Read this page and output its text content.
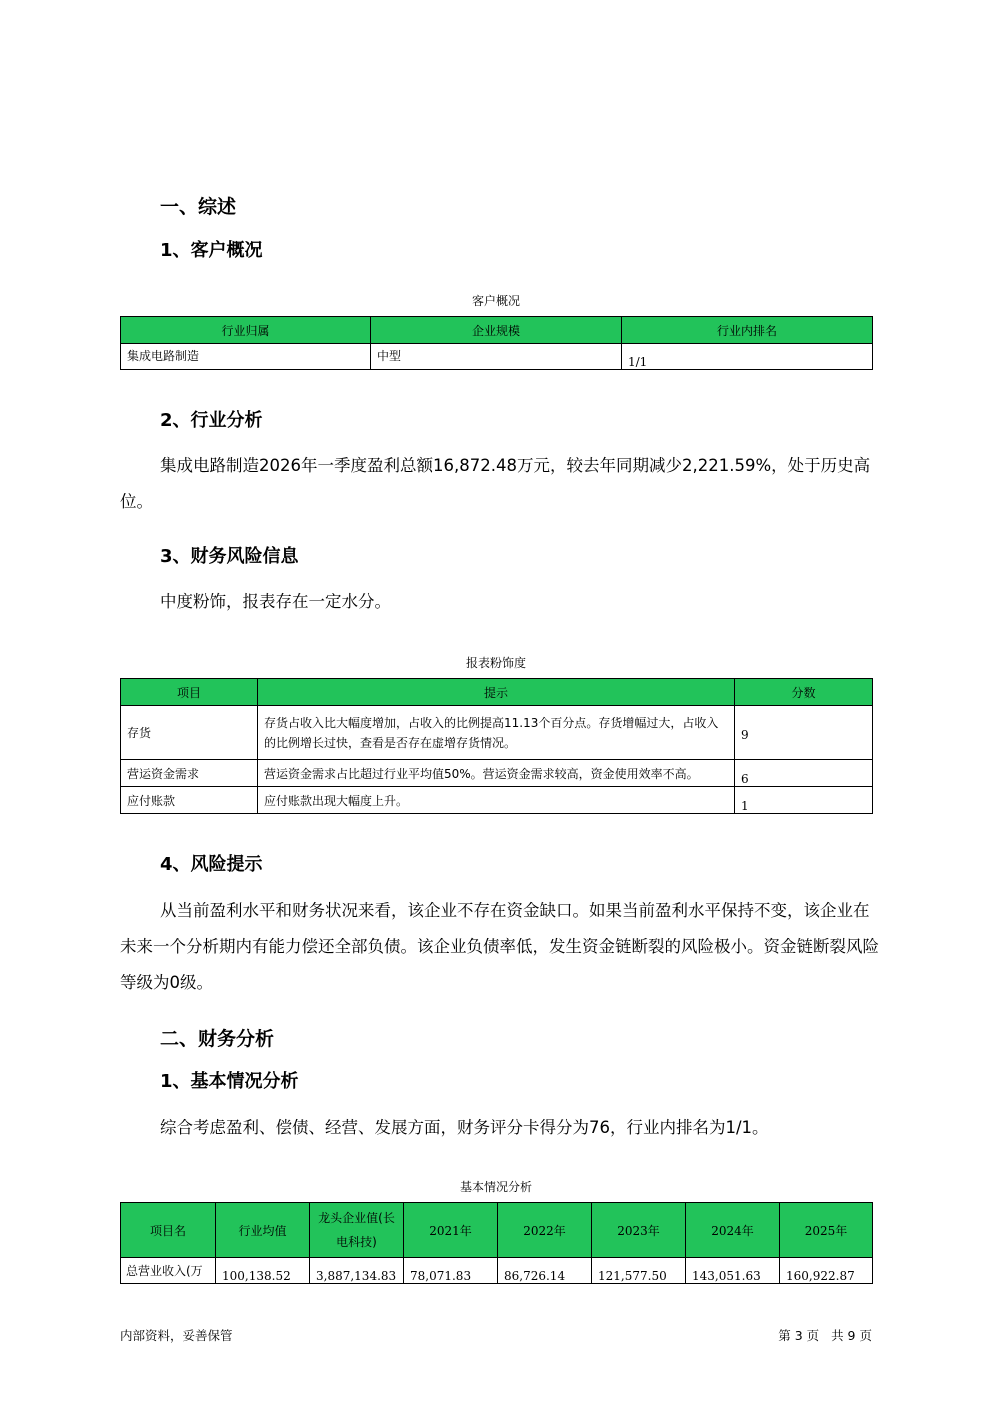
一、综述
1、客户概况
客户概况
行业归属	企业规模	行业内排名
集成电路制造	中型	1/1
2、行业分析
集成电路制造2026年一季度盈利总额16,872.48万元，较去年同期减少2,221.59%，处于历史高位。
3、财务风险信息
中度粉饰，报表存在一定水分。
报表粉饰度
项目	提示	分数
存货	存货占收入比大幅度增加，占收入的比例提高11.13个百分点。存货增幅过大，占收入的比例增长过快，查看是否存在虚增存货情况。	9
营运资金需求	营运资金需求占比超过行业平均值50%。营运资金需求较高，资金使用效率不高。	6
应付账款	应付账款出现大幅度上升。	1
4、风险提示
从当前盈利水平和财务状况来看，该企业不存在资金缺口。如果当前盈利水平保持不变，该企业在未来一个分析期内有能力偿还全部负债。该企业负债率低，发生资金链断裂的风险极小。资金链断裂风险等级为0级。
二、财务分析
1、基本情况分析
综合考虑盈利、偿债、经营、发展方面，财务评分卡得分为76，行业内排名为1/1。
基本情况分析
项目名	行业均值	龙头企业值(长电科技)	2021年	2022年	2023年	2024年	2025年
总营业收入(万	100,138.52	3,887,134.83	78,071.83	86,726.14	121,577.50	143,051.63	160,922.87
内部资料，妥善保管	第 3 页   共 9 页
